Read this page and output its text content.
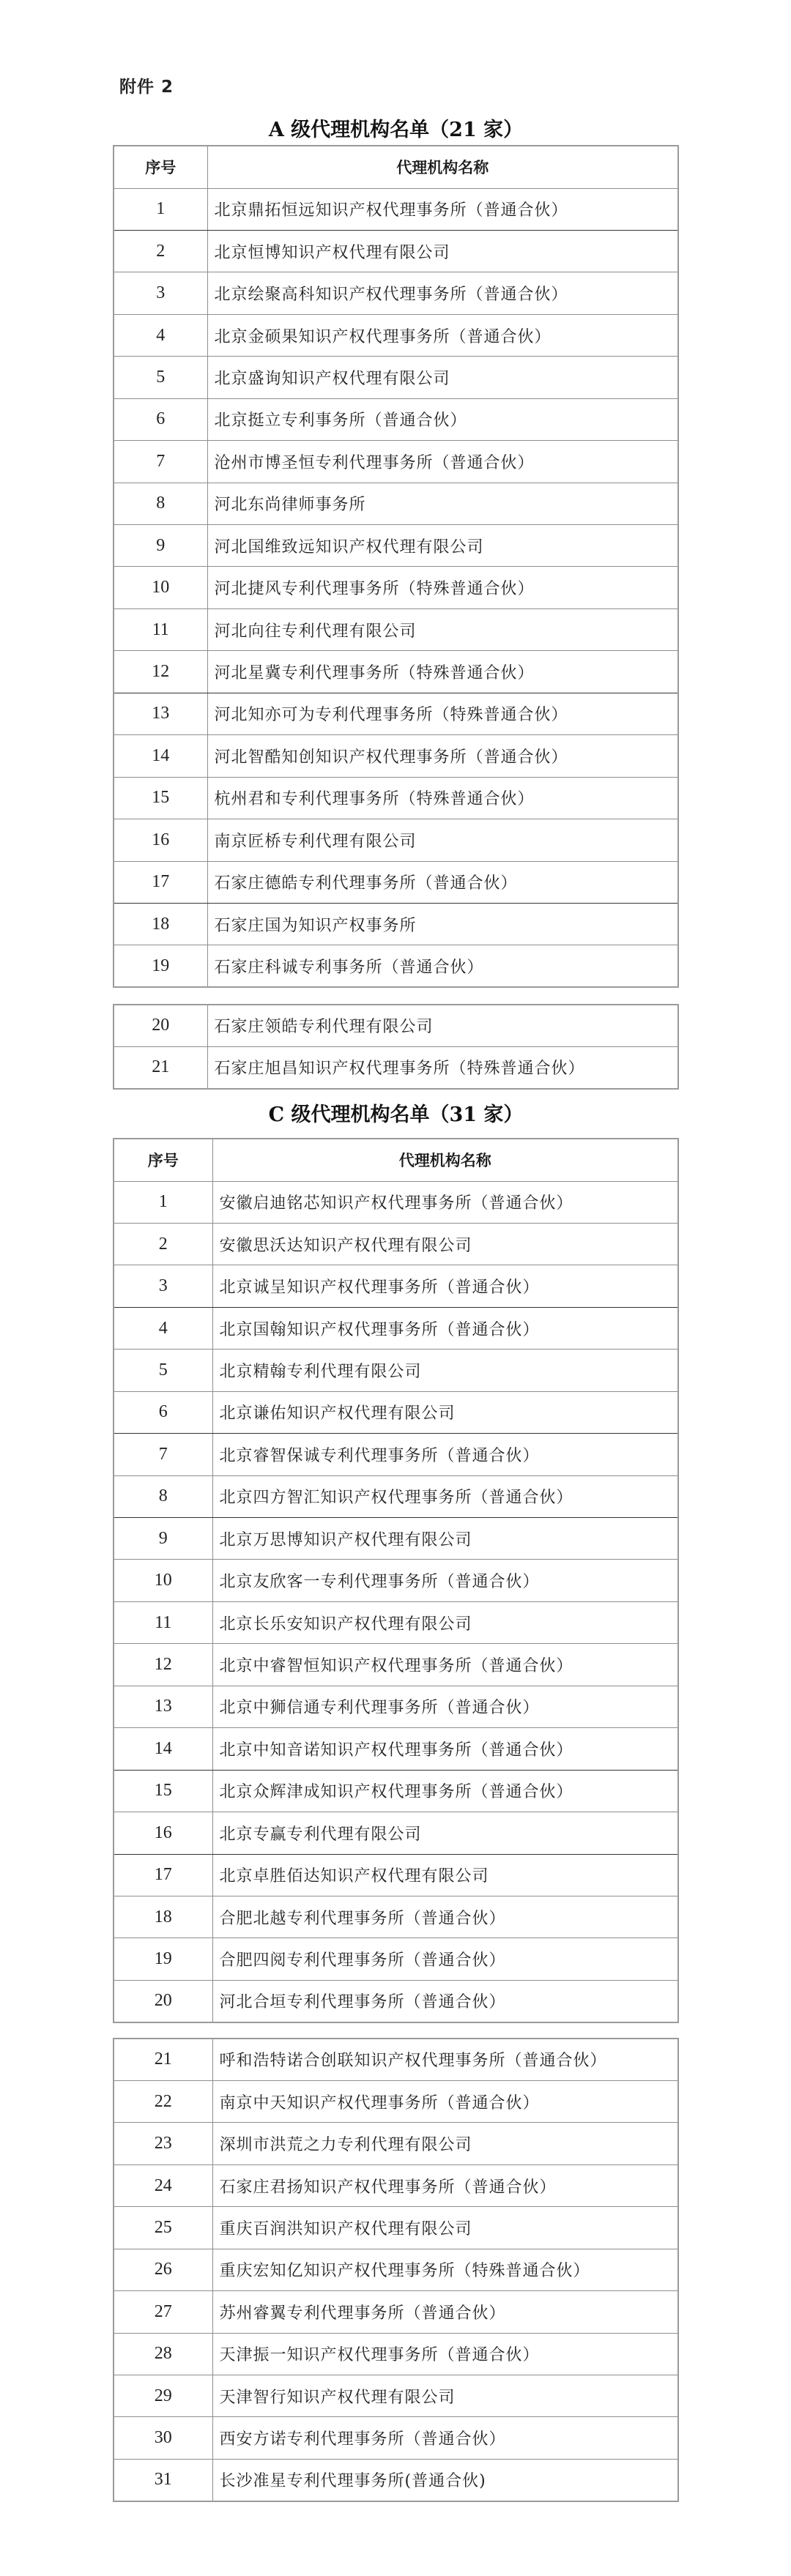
附件 2
A 级代理机构名单（21 家）
序号	代理机构名称
1	北京鼎拓恒远知识产权代理事务所（普通合伙）
2	北京恒博知识产权代理有限公司
3	北京绘聚高科知识产权代理事务所（普通合伙）
4	北京金硕果知识产权代理事务所（普通合伙）
5	北京盛询知识产权代理有限公司
6	北京挺立专利事务所（普通合伙）
7	沧州市博圣恒专利代理事务所（普通合伙）
8	河北东尚律师事务所
9	河北国维致远知识产权代理有限公司
10	河北捷风专利代理事务所（特殊普通合伙）
11	河北向往专利代理有限公司
12	河北星冀专利代理事务所（特殊普通合伙）
13	河北知亦可为专利代理事务所（特殊普通合伙）
14	河北智酷知创知识产权代理事务所（普通合伙）
15	杭州君和专利代理事务所（特殊普通合伙）
16	南京匠桥专利代理有限公司
17	石家庄德皓专利代理事务所（普通合伙）
18	石家庄国为知识产权事务所
19	石家庄科诚专利事务所（普通合伙）
20	石家庄领皓专利代理有限公司
21	石家庄旭昌知识产权代理事务所（特殊普通合伙）
C 级代理机构名单（31 家）
序号	代理机构名称
1	安徽启迪铭芯知识产权代理事务所（普通合伙）
2	安徽思沃达知识产权代理有限公司
3	北京诚呈知识产权代理事务所（普通合伙）
4	北京国翰知识产权代理事务所（普通合伙）
5	北京精翰专利代理有限公司
6	北京谦佑知识产权代理有限公司
7	北京睿智保诚专利代理事务所（普通合伙）
8	北京四方智汇知识产权代理事务所（普通合伙）
9	北京万思博知识产权代理有限公司
10	北京友欣客一专利代理事务所（普通合伙）
11	北京长乐安知识产权代理有限公司
12	北京中睿智恒知识产权代理事务所（普通合伙）
13	北京中狮信通专利代理事务所（普通合伙）
14	北京中知音诺知识产权代理事务所（普通合伙）
15	北京众辉津成知识产权代理事务所（普通合伙）
16	北京专赢专利代理有限公司
17	北京卓胜佰达知识产权代理有限公司
18	合肥北越专利代理事务所（普通合伙）
19	合肥四阅专利代理事务所（普通合伙）
20	河北合垣专利代理事务所（普通合伙）
21	呼和浩特诺合创联知识产权代理事务所（普通合伙）
22	南京中天知识产权代理事务所（普通合伙）
23	深圳市洪荒之力专利代理有限公司
24	石家庄君扬知识产权代理事务所（普通合伙）
25	重庆百润洪知识产权代理有限公司
26	重庆宏知亿知识产权代理事务所（特殊普通合伙）
27	苏州睿翼专利代理事务所（普通合伙）
28	天津振一知识产权代理事务所（普通合伙）
29	天津智行知识产权代理有限公司
30	西安方诺专利代理事务所（普通合伙）
31	长沙准星专利代理事务所(普通合伙)
